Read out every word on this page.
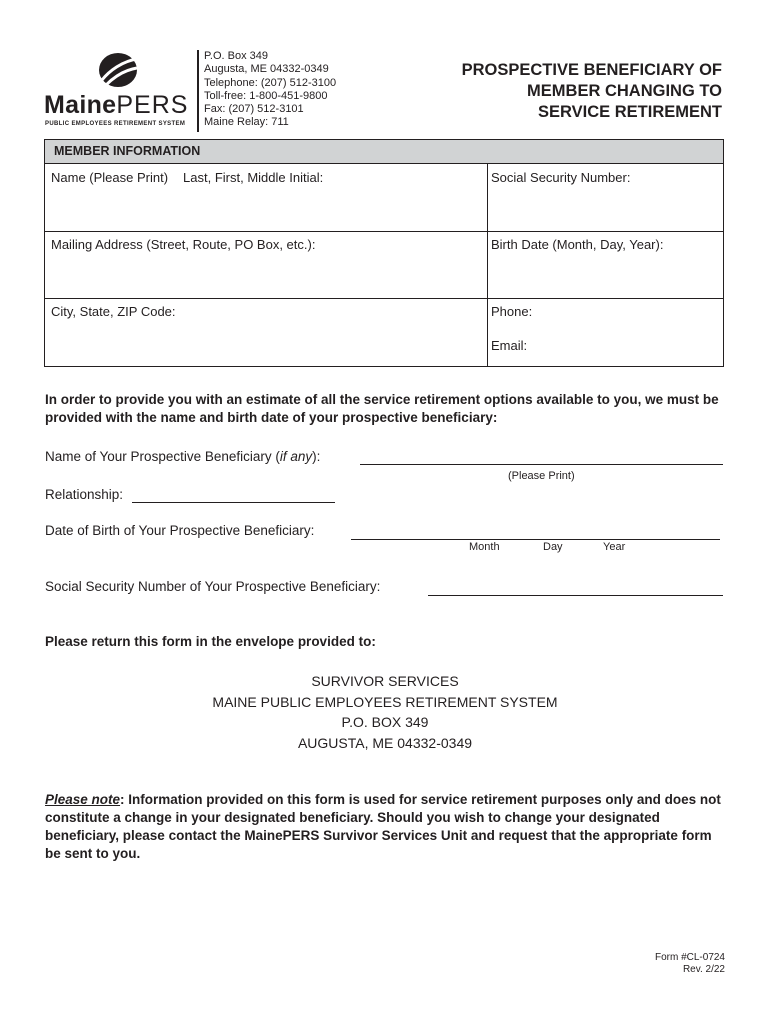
MainePERS
PUBLIC EMPLOYEES RETIREMENT SYSTEM
P.O. Box 349
Augusta, ME 04332-0349
Telephone: (207) 512-3100
Toll-free: 1-800-451-9800
Fax: (207) 512-3101
Maine Relay: 711
PROSPECTIVE BENEFICIARY OF
MEMBER CHANGING TO
SERVICE RETIREMENT
MEMBER INFORMATION
Name (Please Print) Last, First, Middle Initial:	Social Security Number:
Mailing Address (Street, Route, PO Box, etc.):	Birth Date (Month, Day, Year):
City, State, ZIP Code:	Phone:
Email:
In order to provide you with an estimate of all the service retirement options available to you, we must be provided with the name and birth date of your prospective beneficiary:
Name of Your Prospective Beneficiary (if any):
(Please Print)
Relationship:
Date of Birth of Your Prospective Beneficiary:
Month	Day	Year
Social Security Number of Your Prospective Beneficiary:
Please return this form in the envelope provided to:
SURVIVOR SERVICES
MAINE PUBLIC EMPLOYEES RETIREMENT SYSTEM
P.O. BOX 349
AUGUSTA, ME 04332-0349
Please note: Information provided on this form is used for service retirement purposes only and does not constitute a change in your designated beneficiary. Should you wish to change your designated beneficiary, please contact the MainePERS Survivor Services Unit and request that the appropriate form be sent to you.
Form #CL-0724
Rev. 2/22
